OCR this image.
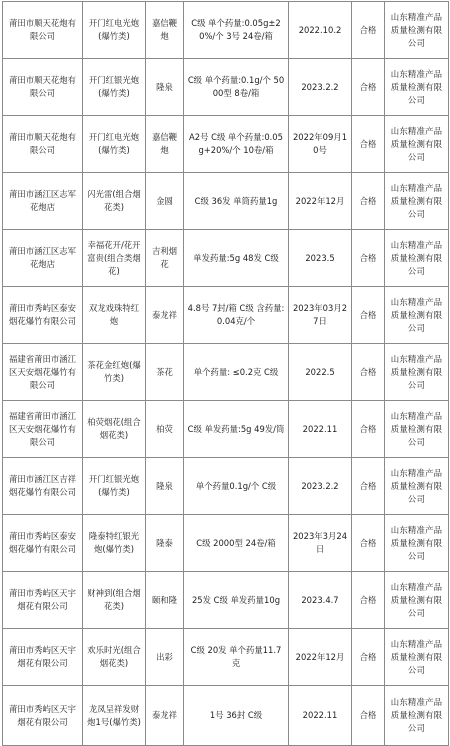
莆田市顺天花炮有限公司	开门红电光炮(爆竹类)	嘉信鞭炮	C级 单个药量:0.05g±20%/个 3号 24卷/箱	2022.10.2	合格	山东精准产品质量检测有限公司
莆田市顺天花炮有限公司	开门红银光炮(爆竹类)	隆泉	C级 单个药量:0.1g/个 5000型 8卷/箱	2023.2.2	合格	山东精准产品质量检测有限公司
莆田市顺天花炮有限公司	开门红电光炮(爆竹类)	嘉信鞭炮	A2号 C级 单个药量:0.05g+20%/个 10卷/箱	2022年09月10号	合格	山东精准产品质量检测有限公司
莆田市涵江区志军花炮店	闪光雷(组合烟花类)	金圆	C级 36发 单筒药量1g	2022年12月	合格	山东精准产品质量检测有限公司
莆田市涵江区志军花炮店	幸福花开/花开富贵(组合类烟花)	吉利烟花	单发药量:5g 48发 C级	2023.5	合格	山东精准产品质量检测有限公司
莆田市秀屿区泰安烟花爆竹有限公司	双龙戏珠特红炮	泰龙祥	4.8号 7封/箱 C级 含药量:0.04克/个	2023年03月27日	合格	山东精准产品质量检测有限公司
福建省莆田市涵江区天安烟花爆竹有限公司	茶花金红炮(爆竹类)	茶花	单个药量: ≤0.2克 C级	2022.5	合格	山东精准产品质量检测有限公司
福建省莆田市涵江区天安烟花爆竹有限公司	柏荧烟花(组合烟花类)	柏荧	C级 单发药量:5g 49发/筒	2022.11	合格	山东精准产品质量检测有限公司
莆田市涵江区吉祥烟花爆竹有限公司	开门红银光炮(爆竹类)	隆泉	单个药量0.1g/个 C级	2023.2.2	合格	山东精准产品质量检测有限公司
莆田市秀屿区泰安烟花爆竹有限公司	隆泰特红银光炮(爆竹类)	隆泰	C级 2000型 24卷/箱	2023年3月24日	合格	山东精准产品质量检测有限公司
莆田市秀屿区天宇烟花有限公司	财神到(组合烟花类)	颐和隆	25发 C级 单发药量10g	2023.4.7	合格	山东精准产品质量检测有限公司
莆田市秀屿区天宇烟花有限公司	欢乐时光(组合烟花类)	出彩	C级 20发 单个药量11.7克	2022年12月	合格	山东精准产品质量检测有限公司
莆田市秀屿区天宇烟花有限公司	龙凤呈祥发财炮1号(爆竹类)	泰龙祥	1号 36封 C级	2022.11	合格	山东精准产品质量检测有限公司
